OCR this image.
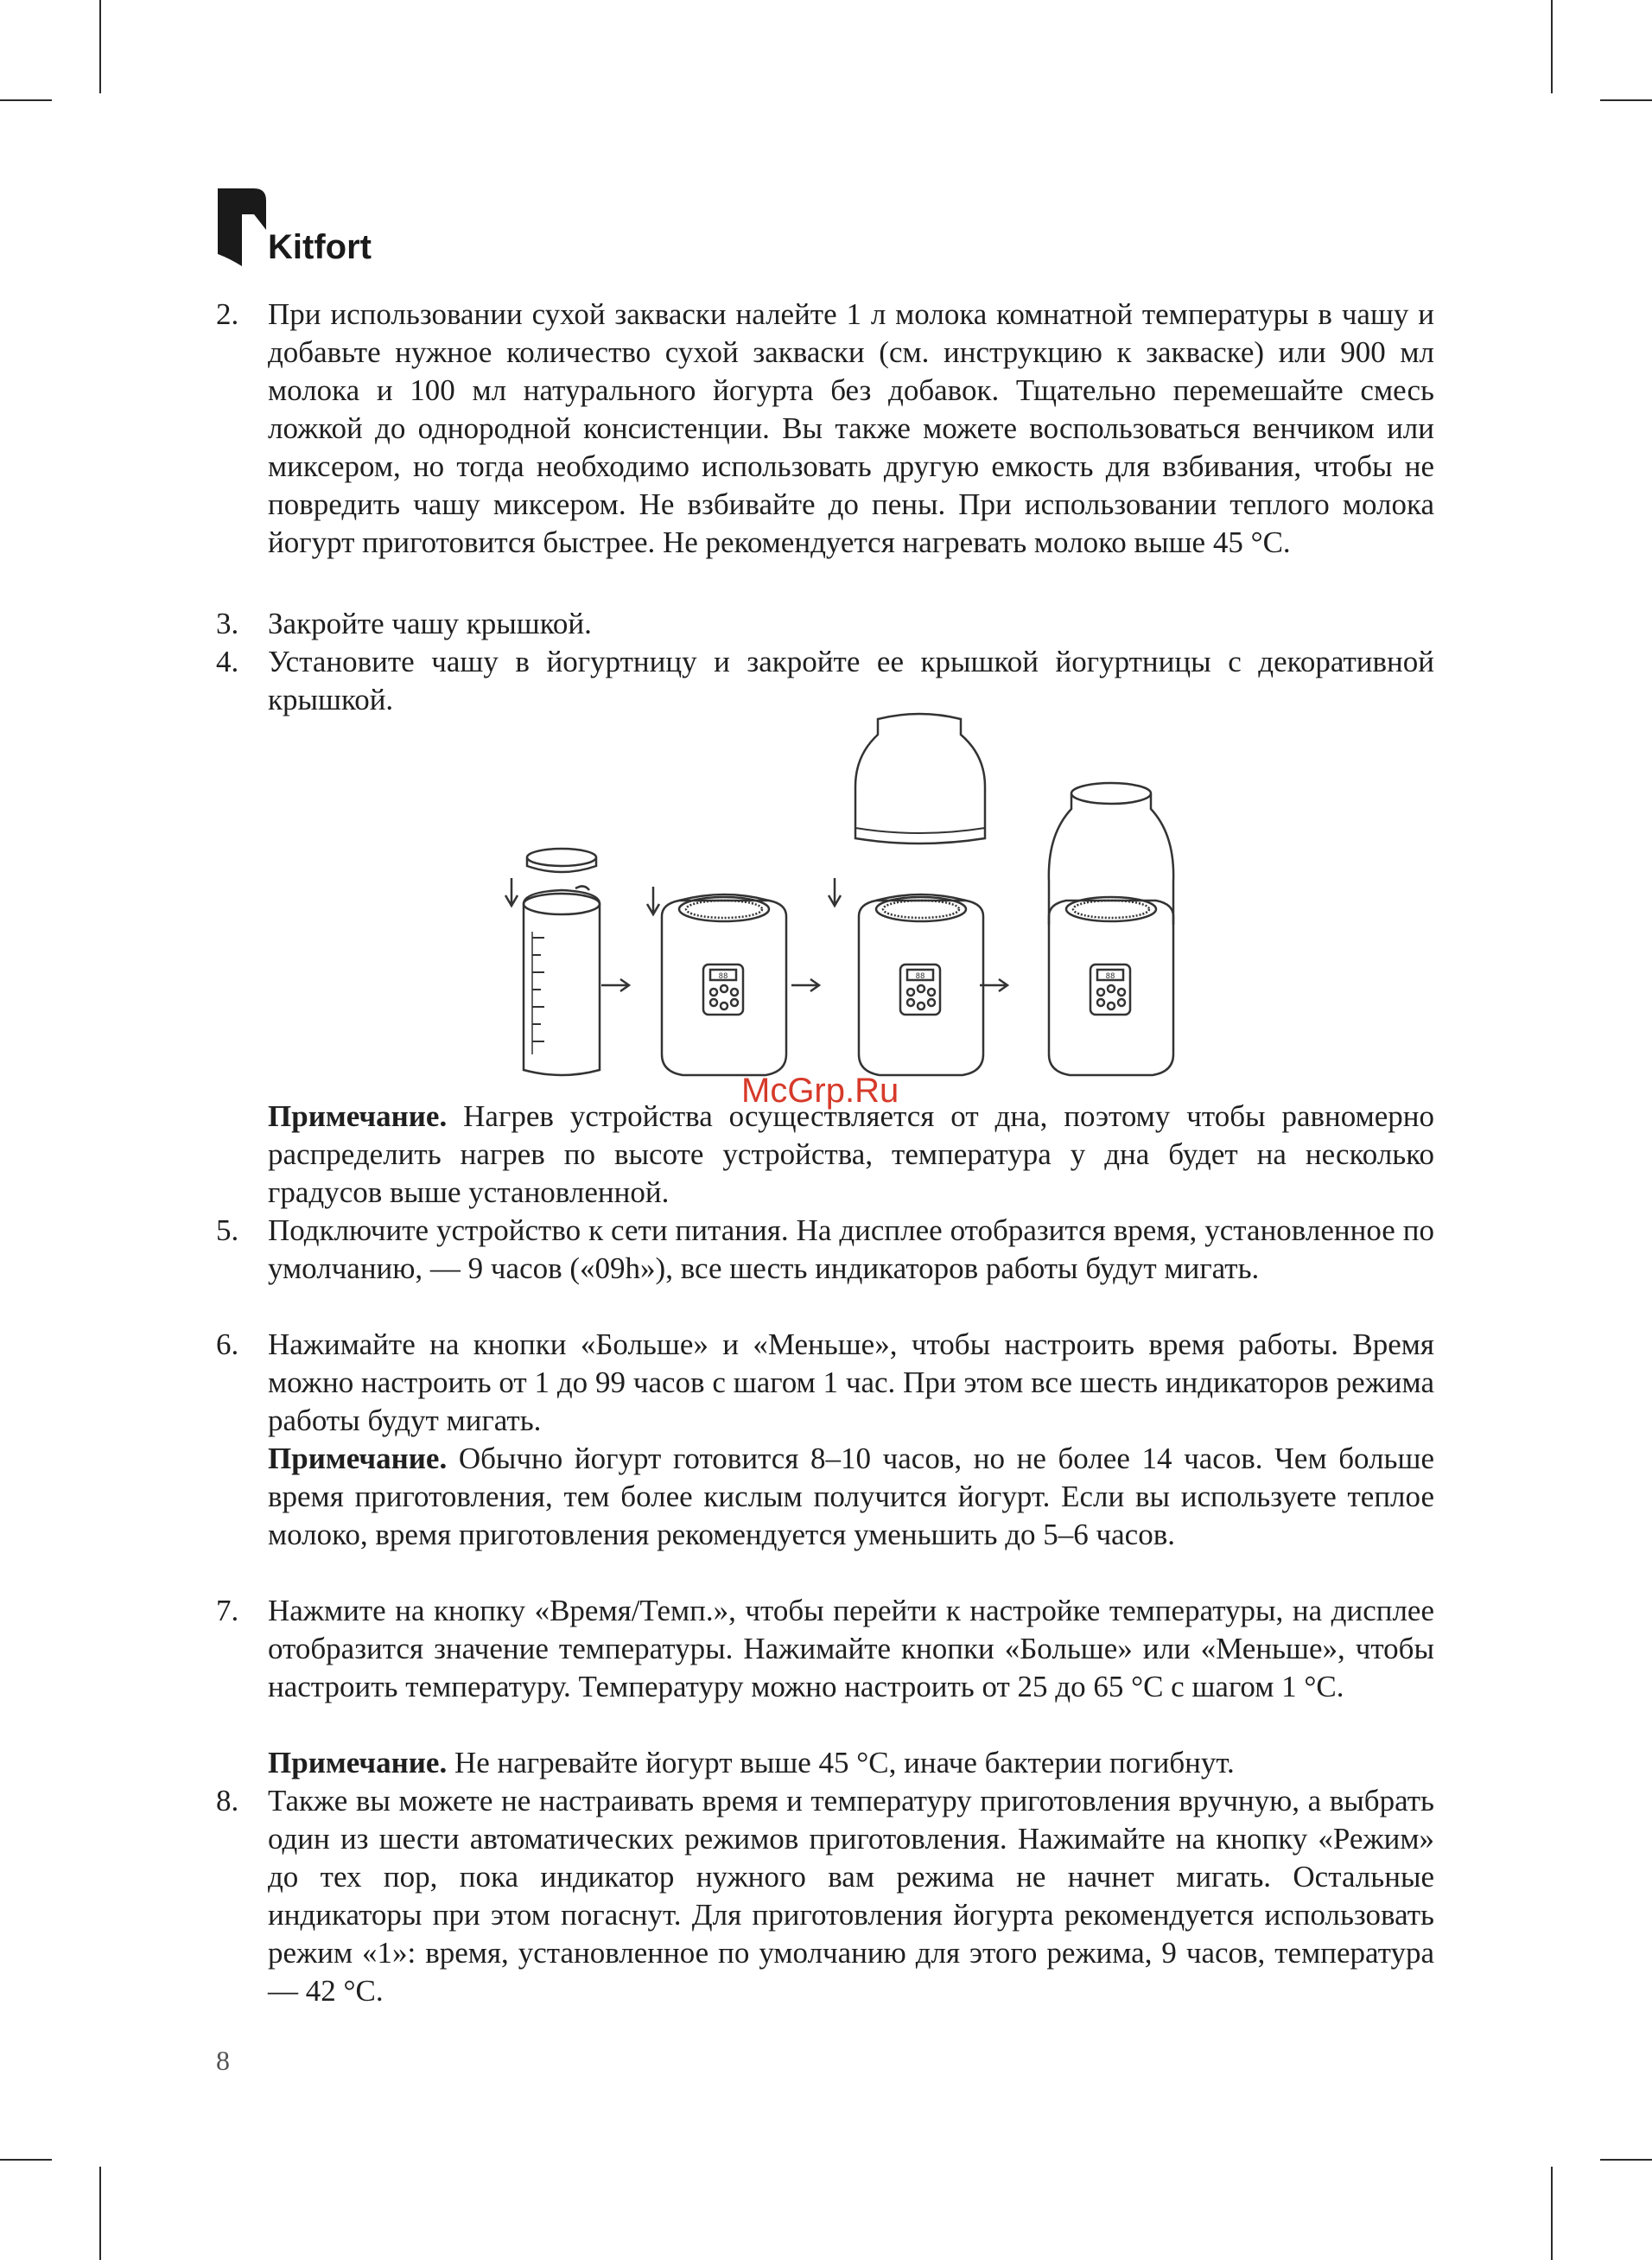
Kitfort
2. При использовании сухой закваски налейте 1 л молока комнатной температуры в чашу и добавьте нужное количество сухой закваски (см. инструкцию к закваске) или 900 мл молока и 100 мл натурального йогурта без добавок. Тщательно перемешайте смесь ложкой до однородной консистенции. Вы также можете воспользоваться венчиком или миксером, но тогда необходимо использовать другую емкость для взбивания, чтобы не повредить чашу миксером. Не взбивайте до пены. При использовании теплого молока йогурт приготовится быстрее. Не рекомендуется нагревать молоко выше 45 °C.
3. Закройте чашу крышкой.
4. Установите чашу в йогуртницу и закройте ее крышкой йогуртницы с декоративной крышкой.
88	88	88
McGrp.Ru
Примечание. Нагрев устройства осуществляется от дна, поэтому чтобы равномерно распределить нагрев по высоте устройства, температура у дна будет на несколько градусов выше установленной.
5. Подключите устройство к сети питания. На дисплее отобразится время, установленное по умолчанию, — 9 часов («09h»), все шесть индикаторов работы будут мигать.
6. Нажимайте на кнопки «Больше» и «Меньше», чтобы настроить время работы. Время можно настроить от 1 до 99 часов с шагом 1 час. При этом все шесть индикаторов режима работы будут мигать.
Примечание. Обычно йогурт готовится 8–10 часов, но не более 14 часов. Чем больше время приготовления, тем более кислым получится йогурт. Если вы используете теплое молоко, время приготовления рекомендуется уменьшить до 5–6 часов.
7. Нажмите на кнопку «Время/Темп.», чтобы перейти к настройке температуры, на дисплее отобразится значение температуры. Нажимайте кнопки «Больше» или «Меньше», чтобы настроить температуру. Температуру можно настроить от 25 до 65 °C с шагом 1 °C.
Примечание. Не нагревайте йогурт выше 45 °C, иначе бактерии погибнут.
8. Также вы можете не настраивать время и температуру приготовления вручную, а выбрать один из шести автоматических режимов приготовления. Нажимайте на кнопку «Режим» до тех пор, пока индикатор нужного вам режима не начнет мигать. Остальные индикаторы при этом погаснут. Для приготовления йогурта рекомендуется использовать режим «1»: время, установленное по умолчанию для этого режима, 9 часов, температура — 42 °C.
8
